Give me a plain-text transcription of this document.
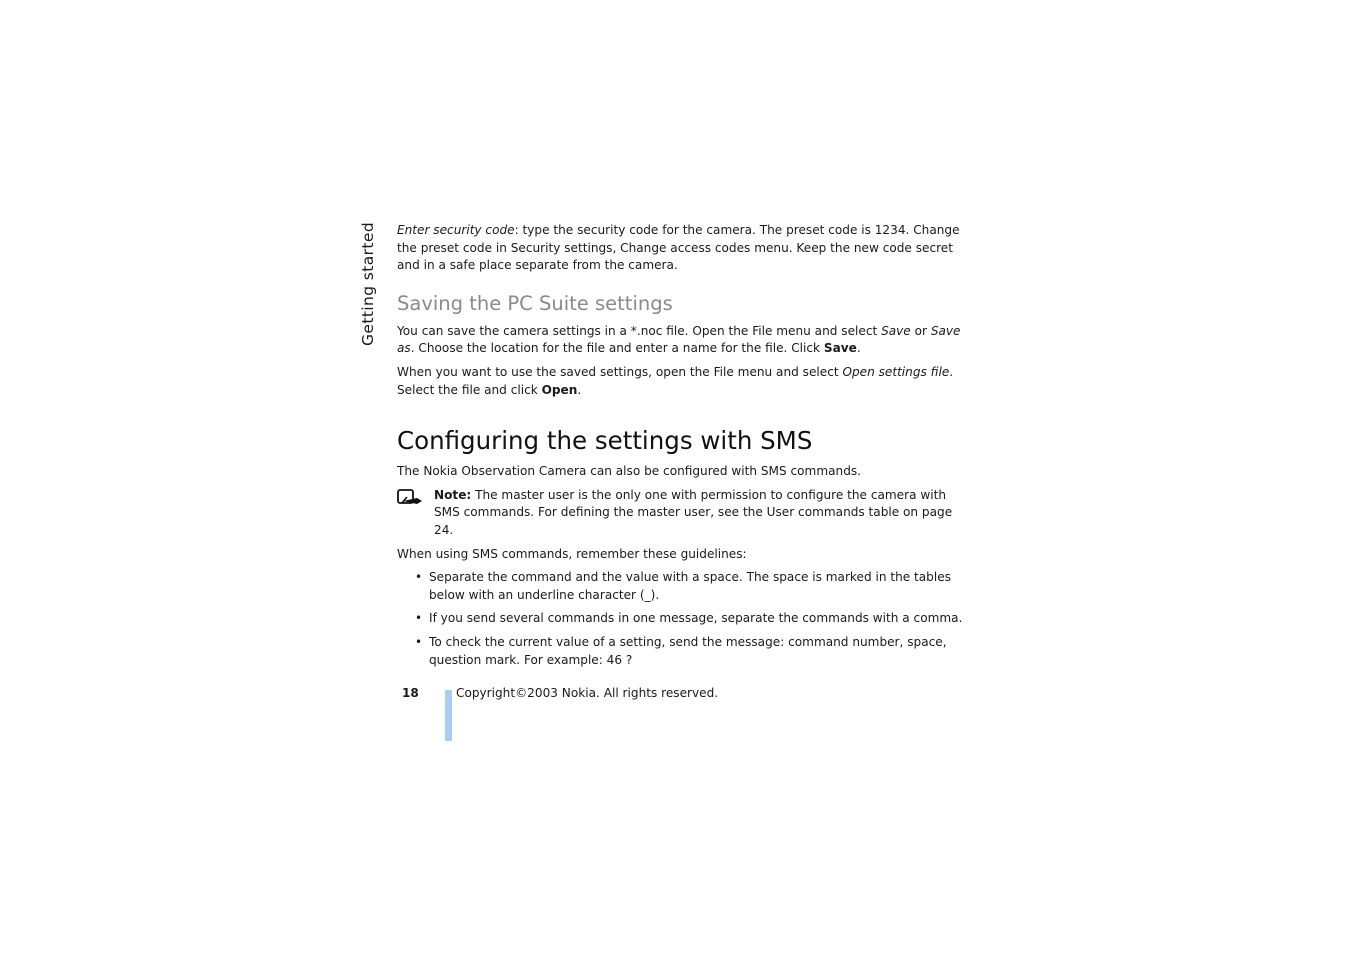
Getting started Enter security code: type the security code for the camera. The preset code is 1234. Change the preset code in Security settings, Change access codes menu. Keep the new code secret and in a safe place separate from the camera.

Saving the PC Suite settings

You can save the camera settings in a *.noc file. Open the File menu and select Save or Save as. Choose the location for the file and enter a name for the file. Click Save.

When you want to use the saved settings, open the File menu and select Open settings file. Select the file and click Open.

Configuring the settings with SMS

The Nokia Observation Camera can also be configured with SMS commands.

Note: The master user is the only one with permission to configure the camera with SMS commands. For defining the master user, see the User commands table on page 24.

When using SMS commands, remember these guidelines:

• Separate the command and the value with a space. The space is marked in the tables below with an underline character (_).
• If you send several commands in one message, separate the commands with a comma.
• To check the current value of a setting, send the message: command number, space, question mark. For example: 46 ?
18	Copyright©2003 Nokia. All rights reserved.
